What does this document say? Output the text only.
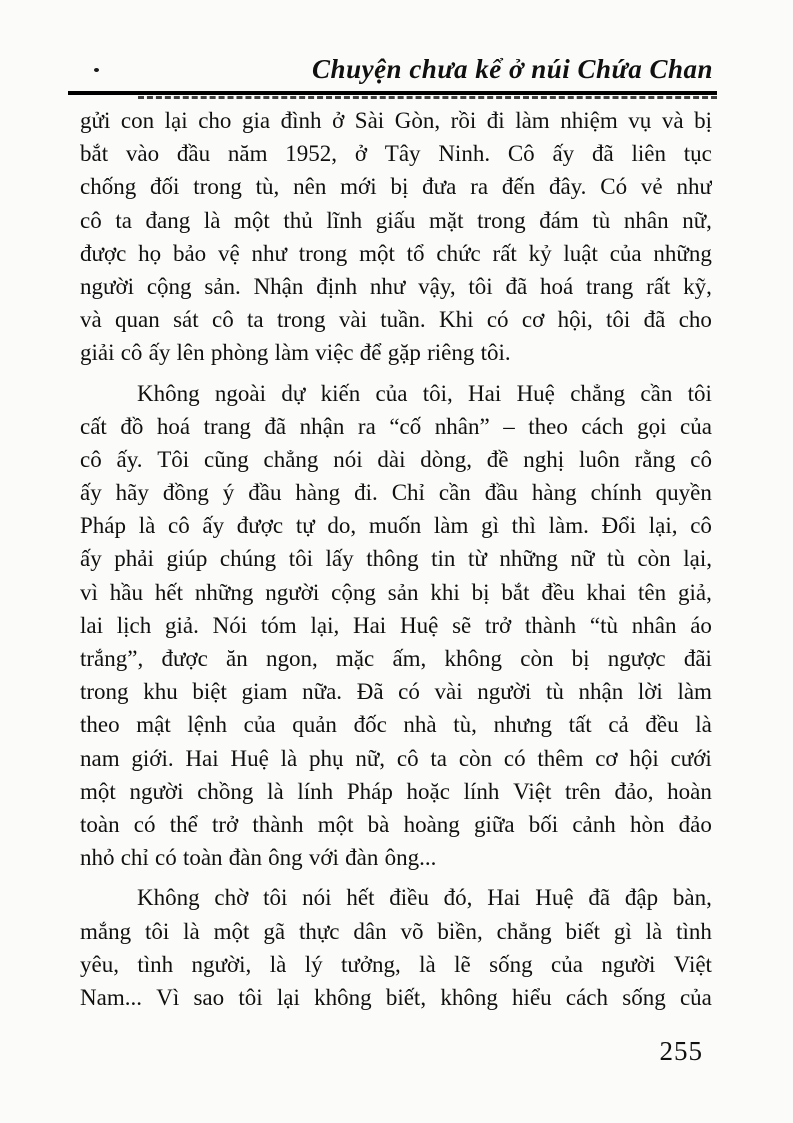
Chuyện chưa kể ở núi Chứa Chan
gửi con lại cho gia đình ở Sài Gòn, rồi đi làm nhiệm vụ và bị
bắt vào đầu năm 1952, ở Tây Ninh. Cô ấy đã liên tục
chống đối trong tù, nên mới bị đưa ra đến đây. Có vẻ như
cô ta đang là một thủ lĩnh giấu mặt trong đám tù nhân nữ,
được họ bảo vệ như trong một tổ chức rất kỷ luật của những
người cộng sản. Nhận định như vậy, tôi đã hoá trang rất kỹ,
và quan sát cô ta trong vài tuần. Khi có cơ hội, tôi đã cho
giải cô ấy lên phòng làm việc để gặp riêng tôi.
Không ngoài dự kiến của tôi, Hai Huệ chẳng cần tôi
cất đồ hoá trang đã nhận ra “cố nhân” – theo cách gọi của
cô ấy. Tôi cũng chẳng nói dài dòng, đề nghị luôn rằng cô
ấy hãy đồng ý đầu hàng đi. Chỉ cần đầu hàng chính quyền
Pháp là cô ấy được tự do, muốn làm gì thì làm. Đổi lại, cô
ấy phải giúp chúng tôi lấy thông tin từ những nữ tù còn lại,
vì hầu hết những người cộng sản khi bị bắt đều khai tên giả,
lai lịch giả. Nói tóm lại, Hai Huệ sẽ trở thành “tù nhân áo
trắng”, được ăn ngon, mặc ấm, không còn bị ngược đãi
trong khu biệt giam nữa. Đã có vài người tù nhận lời làm
theo mật lệnh của quản đốc nhà tù, nhưng tất cả đều là
nam giới. Hai Huệ là phụ nữ, cô ta còn có thêm cơ hội cưới
một người chồng là lính Pháp hoặc lính Việt trên đảo, hoàn
toàn có thể trở thành một bà hoàng giữa bối cảnh hòn đảo
nhỏ chỉ có toàn đàn ông với đàn ông...
Không chờ tôi nói hết điều đó, Hai Huệ đã đập bàn,
mắng tôi là một gã thực dân võ biền, chẳng biết gì là tình
yêu, tình người, là lý tưởng, là lẽ sống của người Việt
Nam... Vì sao tôi lại không biết, không hiểu cách sống của
255
